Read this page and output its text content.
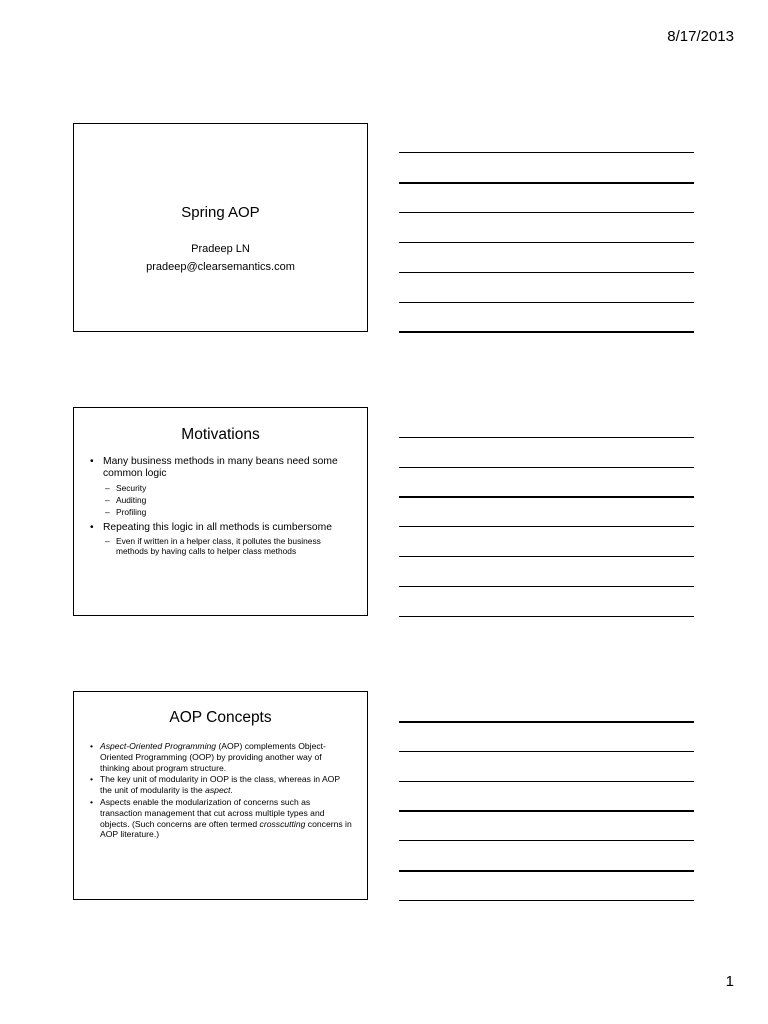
8/17/2013
Spring AOP
Pradeep LN
pradeep@clearsemantics.com
Motivations
• Many business methods in many beans need some common logic
– Security
– Auditing
– Profiling
• Repeating this logic in all methods is cumbersome
– Even if written in a helper class, it pollutes the business methods by having calls to helper class methods
AOP Concepts
• Aspect-Oriented Programming (AOP) complements Object-Oriented Programming (OOP) by providing another way of thinking about program structure.
• The key unit of modularity in OOP is the class, whereas in AOP the unit of modularity is the aspect.
• Aspects enable the modularization of concerns such as transaction management that cut across multiple types and objects. (Such concerns are often termed crosscutting concerns in AOP literature.)
1
